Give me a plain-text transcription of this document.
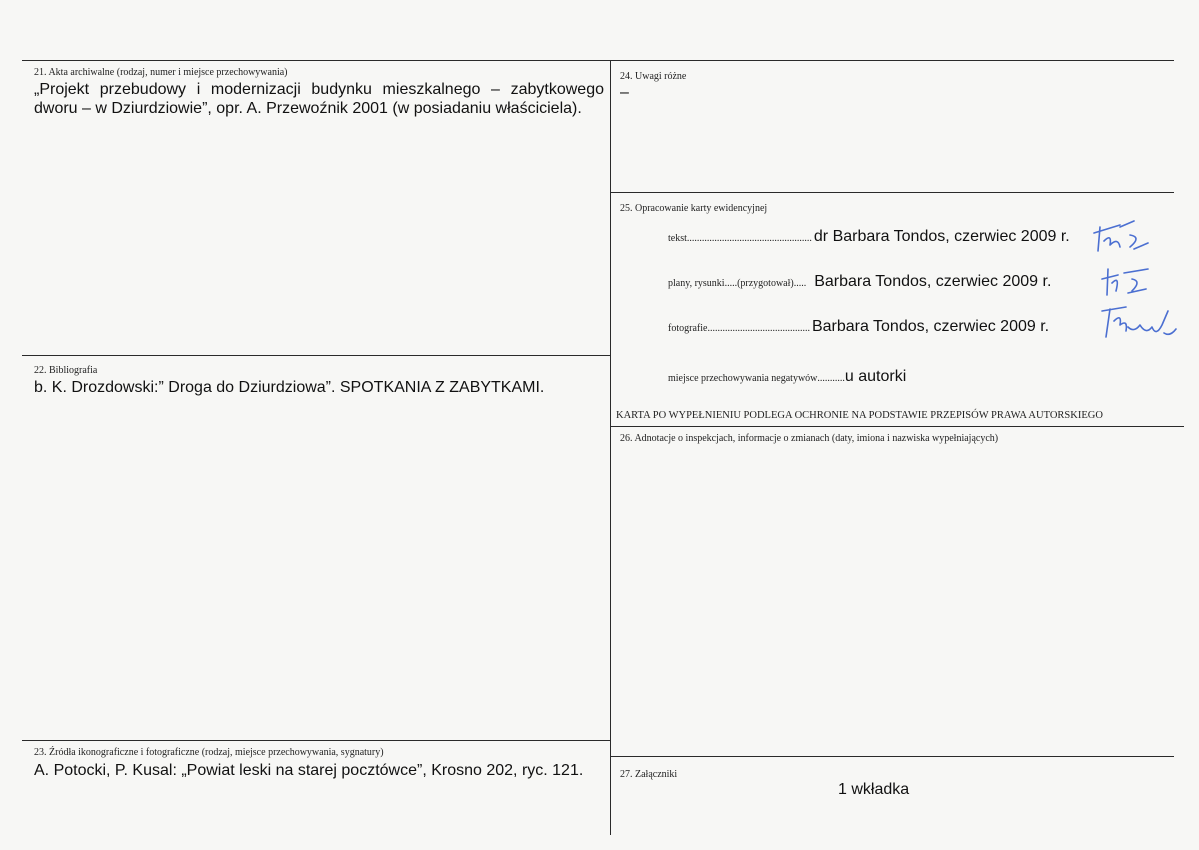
21. Akta archiwalne (rodzaj, numer i miejsce przechowywania)
„Projekt przebudowy i modernizacji budynku mieszkalnego – zabytkowego dworu – w Dziurdziowie”, opr. A. Przewoźnik 2001 (w posiadaniu właściciela).
22. Bibliografia
b. K. Drozdowski:” Droga do Dziurdziowa”. SPOTKANIA Z ZABYTKAMI.
23. Źródła ikonograficzne i fotograficzne (rodzaj, miejsce przechowywania, sygnatury)
A. Potocki, P. Kusal: „Powiat leski na starej pocztówce”, Krosno 202, ryc. 121.
24. Uwagi różne
–
25. Opracowanie karty ewidencyjnej
tekst .................................................. dr Barbara Tondos, czerwiec 2009 r.
plany, rysunki.....(przygotował)..... Barbara Tondos, czerwiec 2009 r.
fotografie ......................................... Barbara Tondos, czerwiec 2009 r.
miejsce przechowywania negatywów ........... u autorki
KARTA PO WYPEŁNIENIU PODLEGA OCHRONIE NA PODSTAWIE PRZEPISÓW PRAWA AUTORSKIEGO
26. Adnotacje o inspekcjach, informacje o zmianach (daty, imiona i nazwiska wypełniających)
27. Załączniki
1 wkładka
